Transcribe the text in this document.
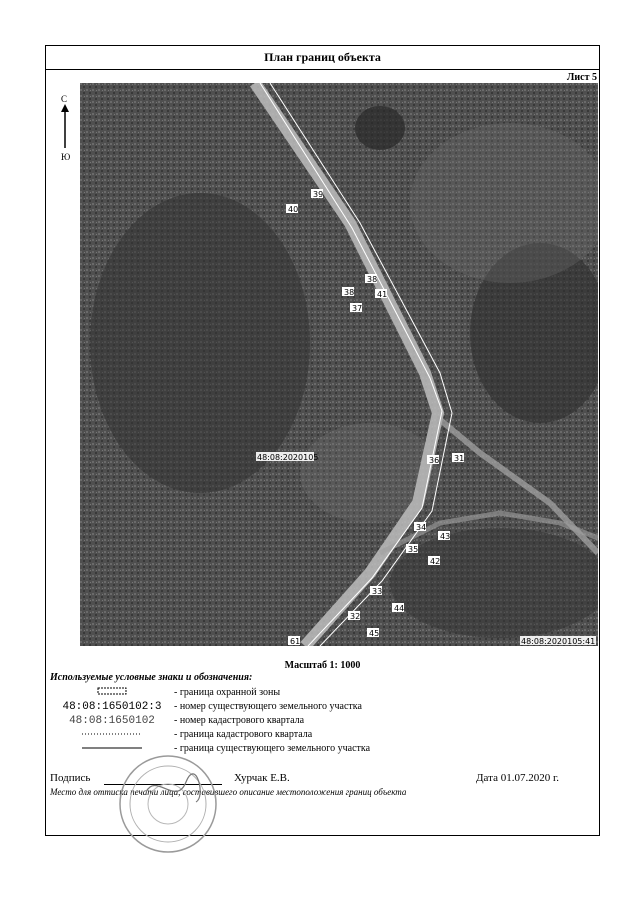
План границ объекта
Лист 5
С
Ю
39
40
38
41
38
37
36 31
34
35
33
43
42
44
32
45
61
48:08:2020105
48:08:2020105:41
Масштаб 1: 1000
Используемые условные знаки и обозначения:
- граница охранной зоны
48:08:1650102:3 - номер существующего земельного участка
48:08:1650102	- номер кадастрового квартала
- граница кадастрового квартала
- граница существующего земельного участка
Подпись	Хурчак Е.В.	Дата 01.07.2020 г.
Место для оттиска печати лица, составившего описание местоположения границ объекта
